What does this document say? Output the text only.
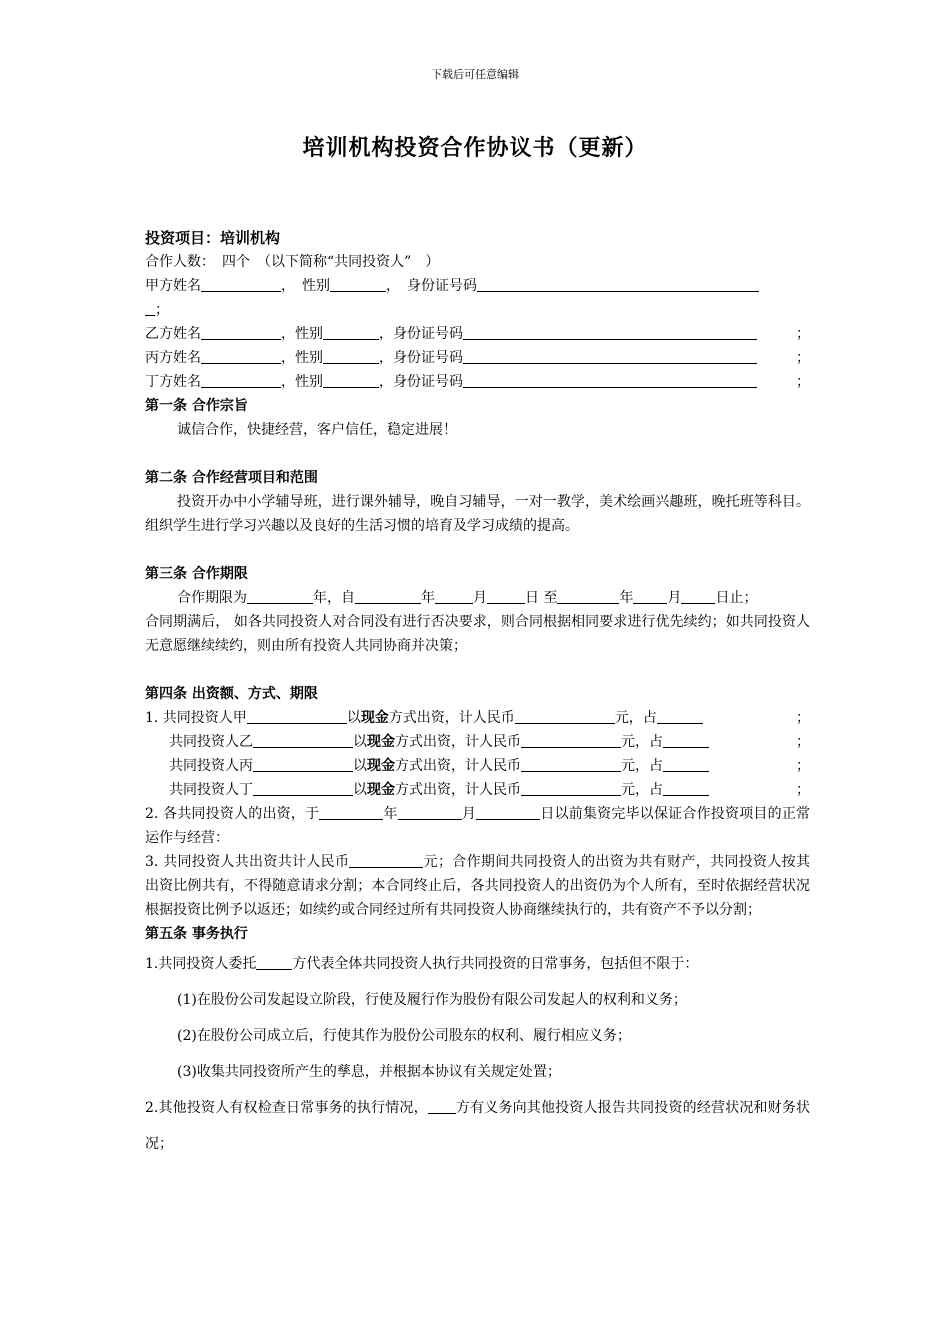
下载后可任意编辑
培训机构投资合作协议书（更新）

投资项目：培训机构

合作人数：　四个　（以下简称“共同投资人”　）

甲方姓名	，　性别	，　身份证号码

；

乙方姓名	，性别	，身份证号码	；

丙方姓名	，性别	，身份证号码	；

丁方姓名	，性别	，身份证号码	；

第一条 合作宗旨

诚信合作，快捷经营，客户信任，稳定进展！

第二条 合作经营项目和范围

投资开办中小学辅导班，进行课外辅导，晚自习辅导，一对一教学，美术绘画兴趣班，晚托班等科目。组织学生进行学习兴趣以及良好的生活习惯的培育及学习成绩的提高。

第三条 合作期限

合作期限为	年，自	年	月	日 至	年 月 日止；

合同期满后， 如各共同投资人对合同没有进行否决要求，则合同根据相同要求进行优先续约；如共同投资人无意愿继续续约，则由所有投资人共同协商并决策；

第四条 出资额、方式、期限

1. 共同投资人甲	以现金方式出资，计人民币	元，占	；

共同投资人乙	以现金方式出资，计人民币	元，占	；

共同投资人丙	以现金方式出资，计人民币	元，占	；

共同投资人丁	以现金方式出资，计人民币	元，占	；

2. 各共同投资人的出资，于	年	月	日以前集资完毕以保证合作投资项目的正常运作与经营：

3. 共同投资人共出资共计人民币	元；合作期间共同投资人的出资为共有财产，共同投资人按其出资比例共有，不得随意请求分割；本合同终止后，各共同投资人的出资仍为个人所有，至时依据经营状况根据投资比例予以返还；如续约或合同经过所有共同投资人协商继续执行的，共有资产不予以分割；

第五条 事务执行

1.共同投资人委托	方代表全体共同投资人执行共同投资的日常事务，包括但不限于：

(1)在股份公司发起设立阶段，行使及履行作为股份有限公司发起人的权利和义务；

(2)在股份公司成立后，行使其作为股份公司股东的权利、履行相应义务；

(3)收集共同投资所产生的孳息，并根据本协议有关规定处置；

2.其他投资人有权检查日常事务的执行情况， 方有义务向其他投资人报告共同投资的经营状况和财务状况；
